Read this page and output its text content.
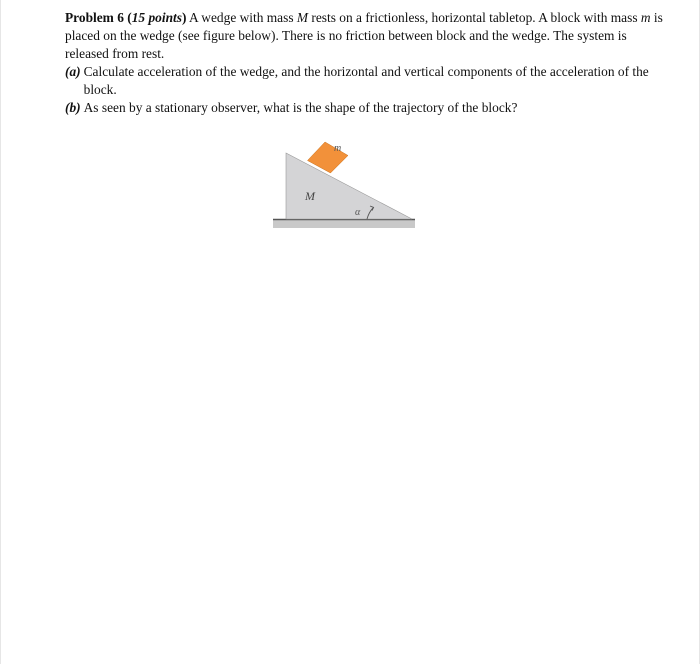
Problem 6 (15 points) A wedge with mass M rests on a frictionless, horizontal tabletop. A block with mass m is placed on the wedge (see figure below). There is no friction between block and the wedge. The system is released from rest.

(a) Calculate acceleration of the wedge, and the horizontal and vertical components of the acceleration of the block.
(b) As seen by a stationary observer, what is the shape of the trajectory of the block?
M
m
α
